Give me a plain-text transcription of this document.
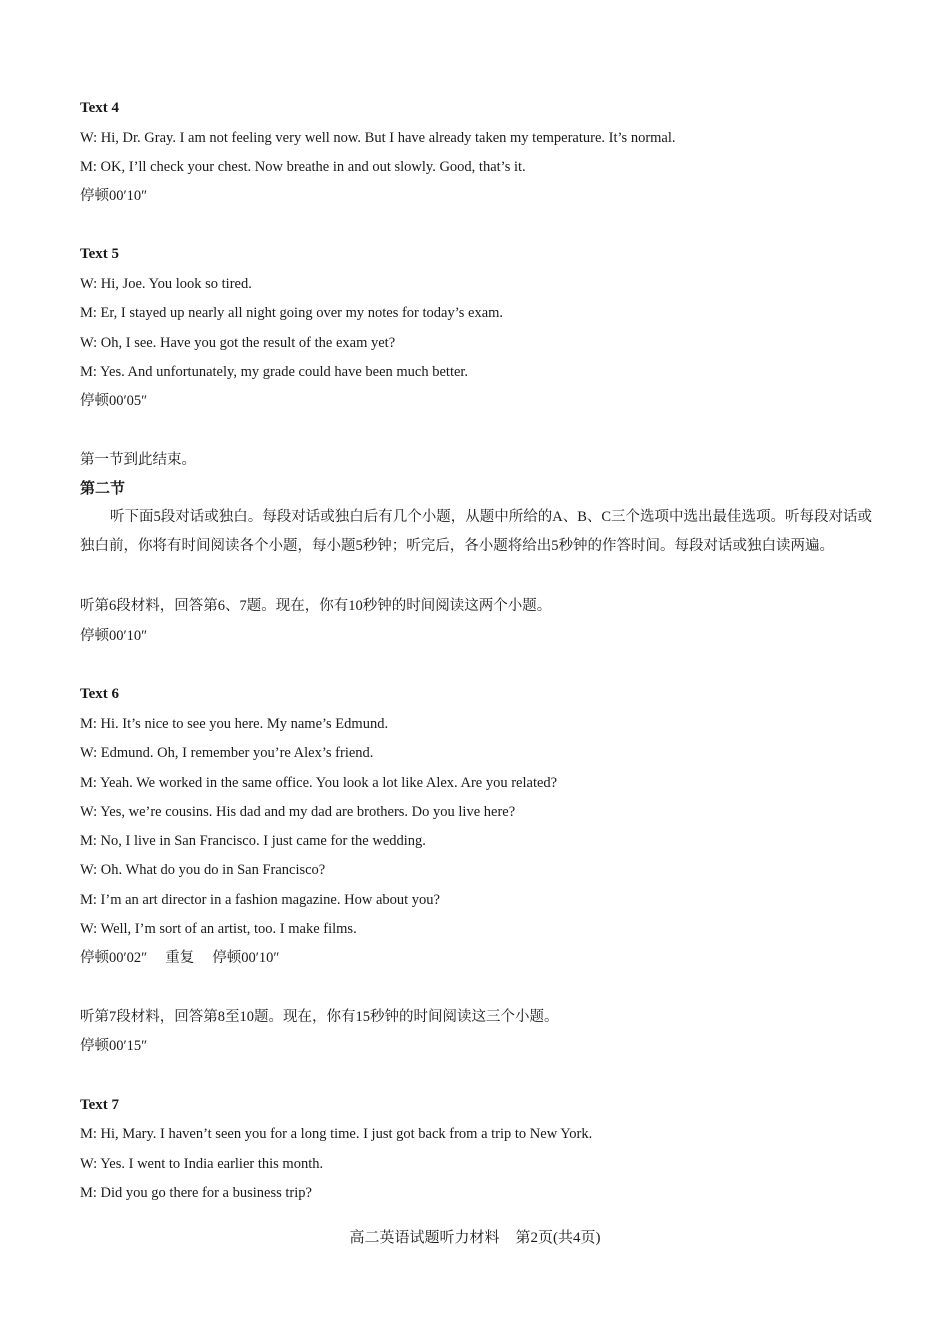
Text 4
W: Hi, Dr. Gray. I am not feeling very well now. But I have already taken my temperature. It’s normal.
M: OK, I’ll check your chest. Now breathe in and out slowly. Good, that’s it.
停顿00′10″
Text 5
W: Hi, Joe. You look so tired.
M: Er, I stayed up nearly all night going over my notes for today’s exam.
W: Oh, I see. Have you got the result of the exam yet?
M: Yes. And unfortunately, my grade could have been much better.
停顿00′05″
第一节到此结束。
第二节
听下面5段对话或独白。每段对话或独白后有几个小题，从题中所给的A、B、C三个选项中选出最佳选项。听每段对话或独白前，你将有时间阅读各个小题，每小题5秒钟；听完后，各小题将给出5秒钟的作答时间。每段对话或独白读两遍。
听第6段材料，回答第6、7题。现在，你有10秒钟的时间阅读这两个小题。
停顿00′10″
Text 6
M: Hi. It’s nice to see you here. My name’s Edmund.
W: Edmund. Oh, I remember you’re Alex’s friend.
M: Yeah. We worked in the same office. You look a lot like Alex. Are you related?
W: Yes, we’re cousins. His dad and my dad are brothers. Do you live here?
M: No, I live in San Francisco. I just came for the wedding.
W: Oh. What do you do in San Francisco?
M: I’m an art director in a fashion magazine. How about you?
W: Well, I’m sort of an artist, too. I make films.
停顿00′02″ 重复 停顿00′10″
听第7段材料，回答第8至10题。现在，你有15秒钟的时间阅读这三个小题。
停顿00′15″
Text 7
M: Hi, Mary. I haven’t seen you for a long time. I just got back from a trip to New York.
W: Yes. I went to India earlier this month.
M: Did you go there for a business trip?
高二英语试题听力材料 第2页(共4页)
